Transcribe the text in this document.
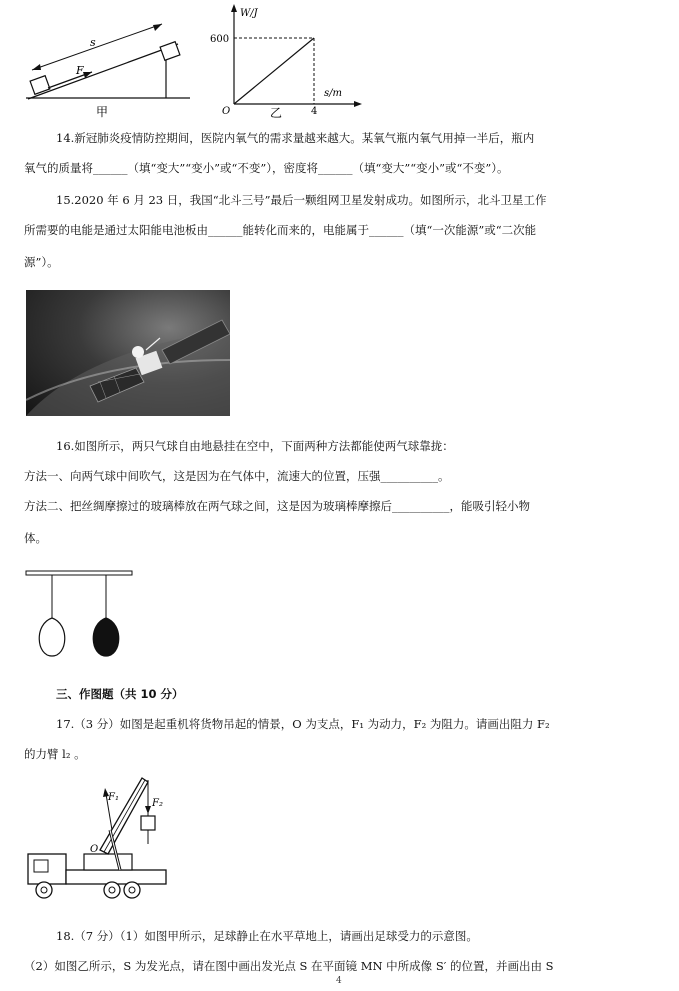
s
F
甲
W/J
600
s/m
4
O	乙
14.新冠肺炎疫情防控期间，医院内氧气的需求量越来越大。某氧气瓶内氧气用掉一半后，瓶内
氧气的质量将______（填“变大”“变小”或“不变”），密度将______（填“变大”“变小”或“不变”）。
15.2020 年 6 月 23 日，我国“北斗三号”最后一颗组网卫星发射成功。如图所示，北斗卫星工作
所需要的电能是通过太阳能电池板由______能转化而来的，电能属于______（填“一次能源”或“二次能
源”）。
16.如图所示，两只气球自由地悬挂在空中，下面两种方法都能使两气球靠拢：
方法一、向两气球中间吹气，这是因为在气体中，流速大的位置，压强__________。
方法二、把丝绸摩擦过的玻璃棒放在两气球之间，这是因为玻璃棒摩擦后__________，能吸引轻小物
体。
三、作图题（共 10 分）
17.（3 分）如图是起重机将货物吊起的情景，O 为支点，F₁ 为动力，F₂ 为阻力。请画出阻力 F₂
的力臂 l₂ 。
F₁
F₂
O
18.（7 分）（1）如图甲所示，足球静止在水平草地上，请画出足球受力的示意图。
（2）如图乙所示，S 为发光点，请在图中画出发光点 S 在平面镜 MN 中所成像 S′ 的位置，并画出由 S
4
